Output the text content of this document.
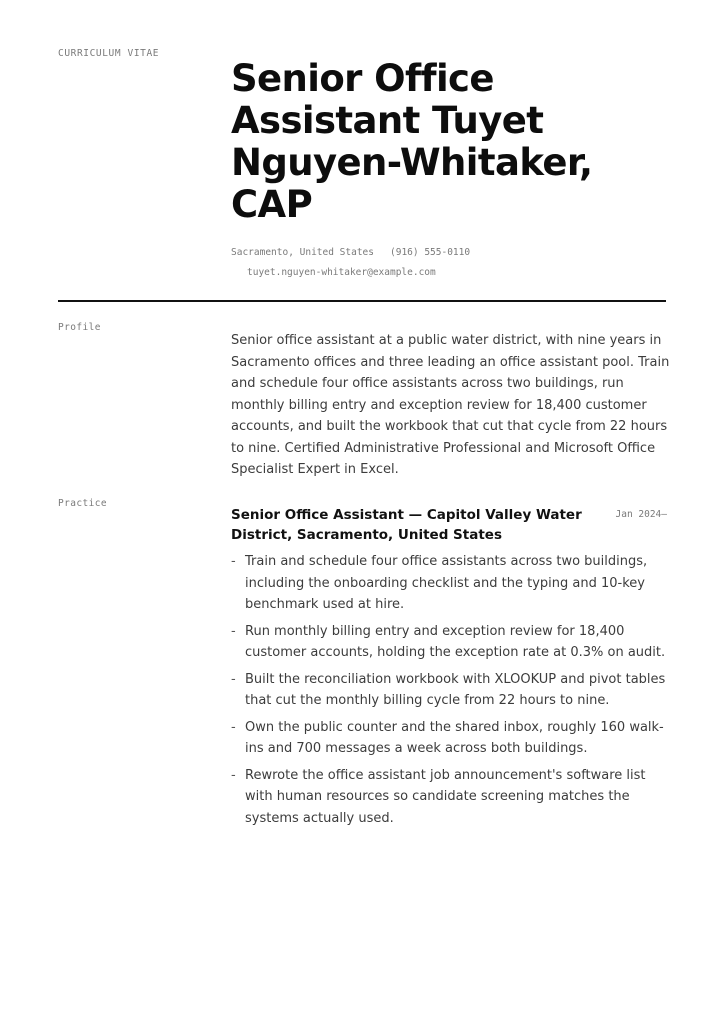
CURRICULUM VITAE
Senior Office Assistant Tuyet Nguyen-Whitaker, CAP
Sacramento, United States (916) 555-0110
tuyet.nguyen-whitaker@example.com
Profile

Senior office assistant at a public water district, with nine years in Sacramento offices and three leading an office assistant pool. Train and schedule four office assistants across two buildings, run monthly billing entry and exception review for 18,400 customer accounts, and built the workbook that cut that cycle from 22 hours to nine. Certified Administrative Professional and Microsoft Office Specialist Expert in Excel.

Practice
Senior Office Assistant — Capitol Valley Water District, Sacramento, United States
Jan 2024–
- Train and schedule four office assistants across two buildings, including the onboarding checklist and the typing and 10-key benchmark used at hire.
- Run monthly billing entry and exception review for 18,400 customer accounts, holding the exception rate at 0.3% on audit.
- Built the reconciliation workbook with XLOOKUP and pivot tables that cut the monthly billing cycle from 22 hours to nine.
- Own the public counter and the shared inbox, roughly 160 walk-ins and 700 messages a week across both buildings.
- Rewrote the office assistant job announcement's software list with human resources so candidate screening matches the systems actually used.
